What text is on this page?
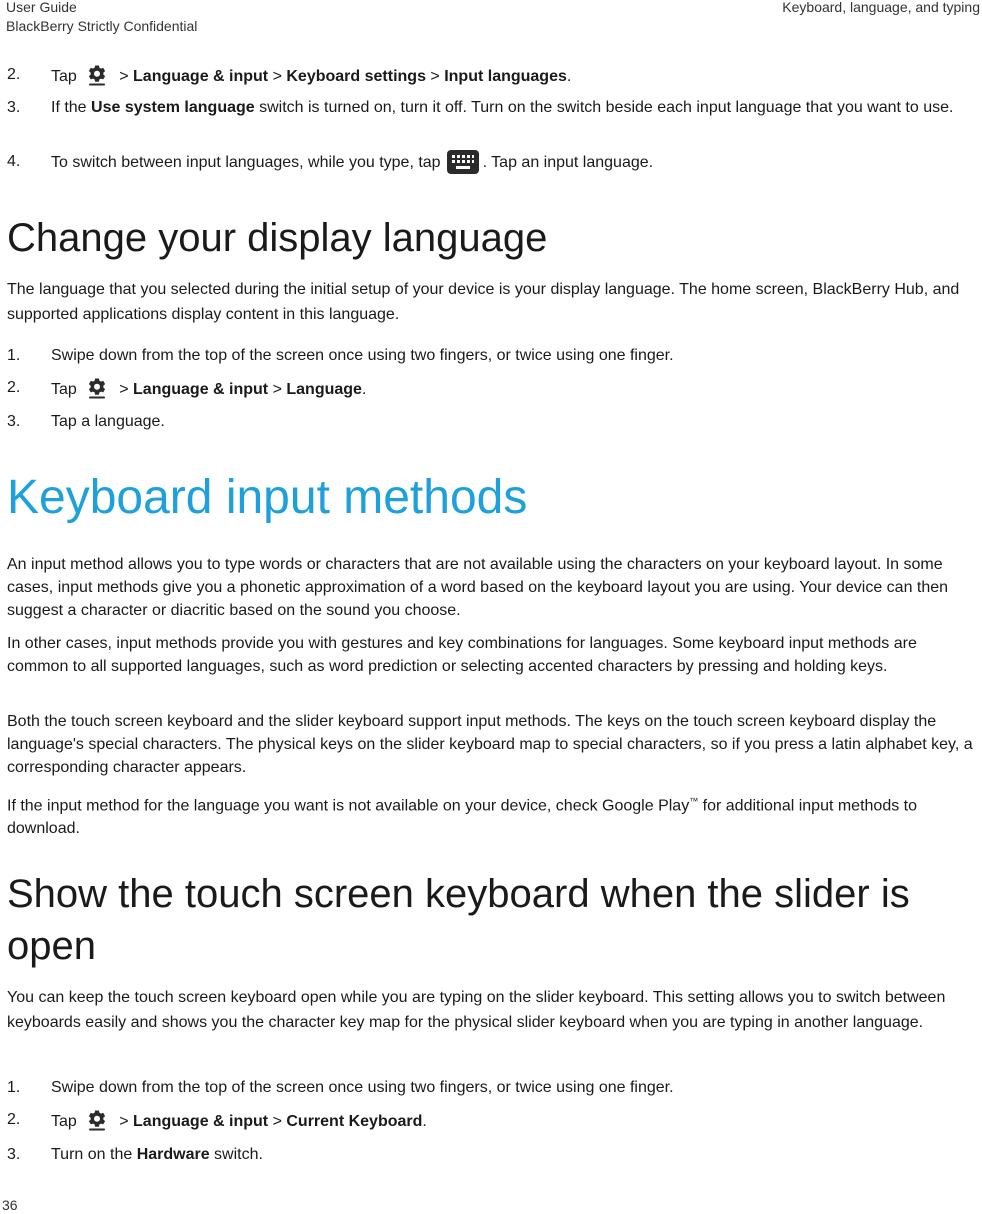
User Guide
BlackBerry Strictly Confidential
Keyboard, language, and typing
2.	Tap > Language & input > Keyboard settings > Input languages.
3.	If the Use system language switch is turned on, turn it off. Turn on the switch beside each input language that you want to use.
4.	To switch between input languages, while you type, tap	. Tap an input language.
Change your display language

The language that you selected during the initial setup of your device is your display language. The home screen, BlackBerry Hub, and supported applications display content in this language.

1.	Swipe down from the top of the screen once using two fingers, or twice using one finger.
2.	Tap > Language & input > Language.
3.	Tap a language.
Keyboard input methods

An input method allows you to type words or characters that are not available using the characters on your keyboard layout. In some cases, input methods give you a phonetic approximation of a word based on the keyboard layout you are using. Your device can then suggest a character or diacritic based on the sound you choose.

In other cases, input methods provide you with gestures and key combinations for languages. Some keyboard input methods are common to all supported languages, such as word prediction or selecting accented characters by pressing and holding keys.

Both the touch screen keyboard and the slider keyboard support input methods. The keys on the touch screen keyboard display the language's special characters. The physical keys on the slider keyboard map to special characters, so if you press a latin alphabet key, a corresponding character appears.

If the input method for the language you want is not available on your device, check Google Play™ for additional input methods to download.

Show the touch screen keyboard when the slider is
open

You can keep the touch screen keyboard open while you are typing on the slider keyboard. This setting allows you to switch between keyboards easily and shows you the character key map for the physical slider keyboard when you are typing in another language.

1.	Swipe down from the top of the screen once using two fingers, or twice using one finger.
2.	Tap > Language & input > Current Keyboard.
3.	Turn on the Hardware switch.
36
